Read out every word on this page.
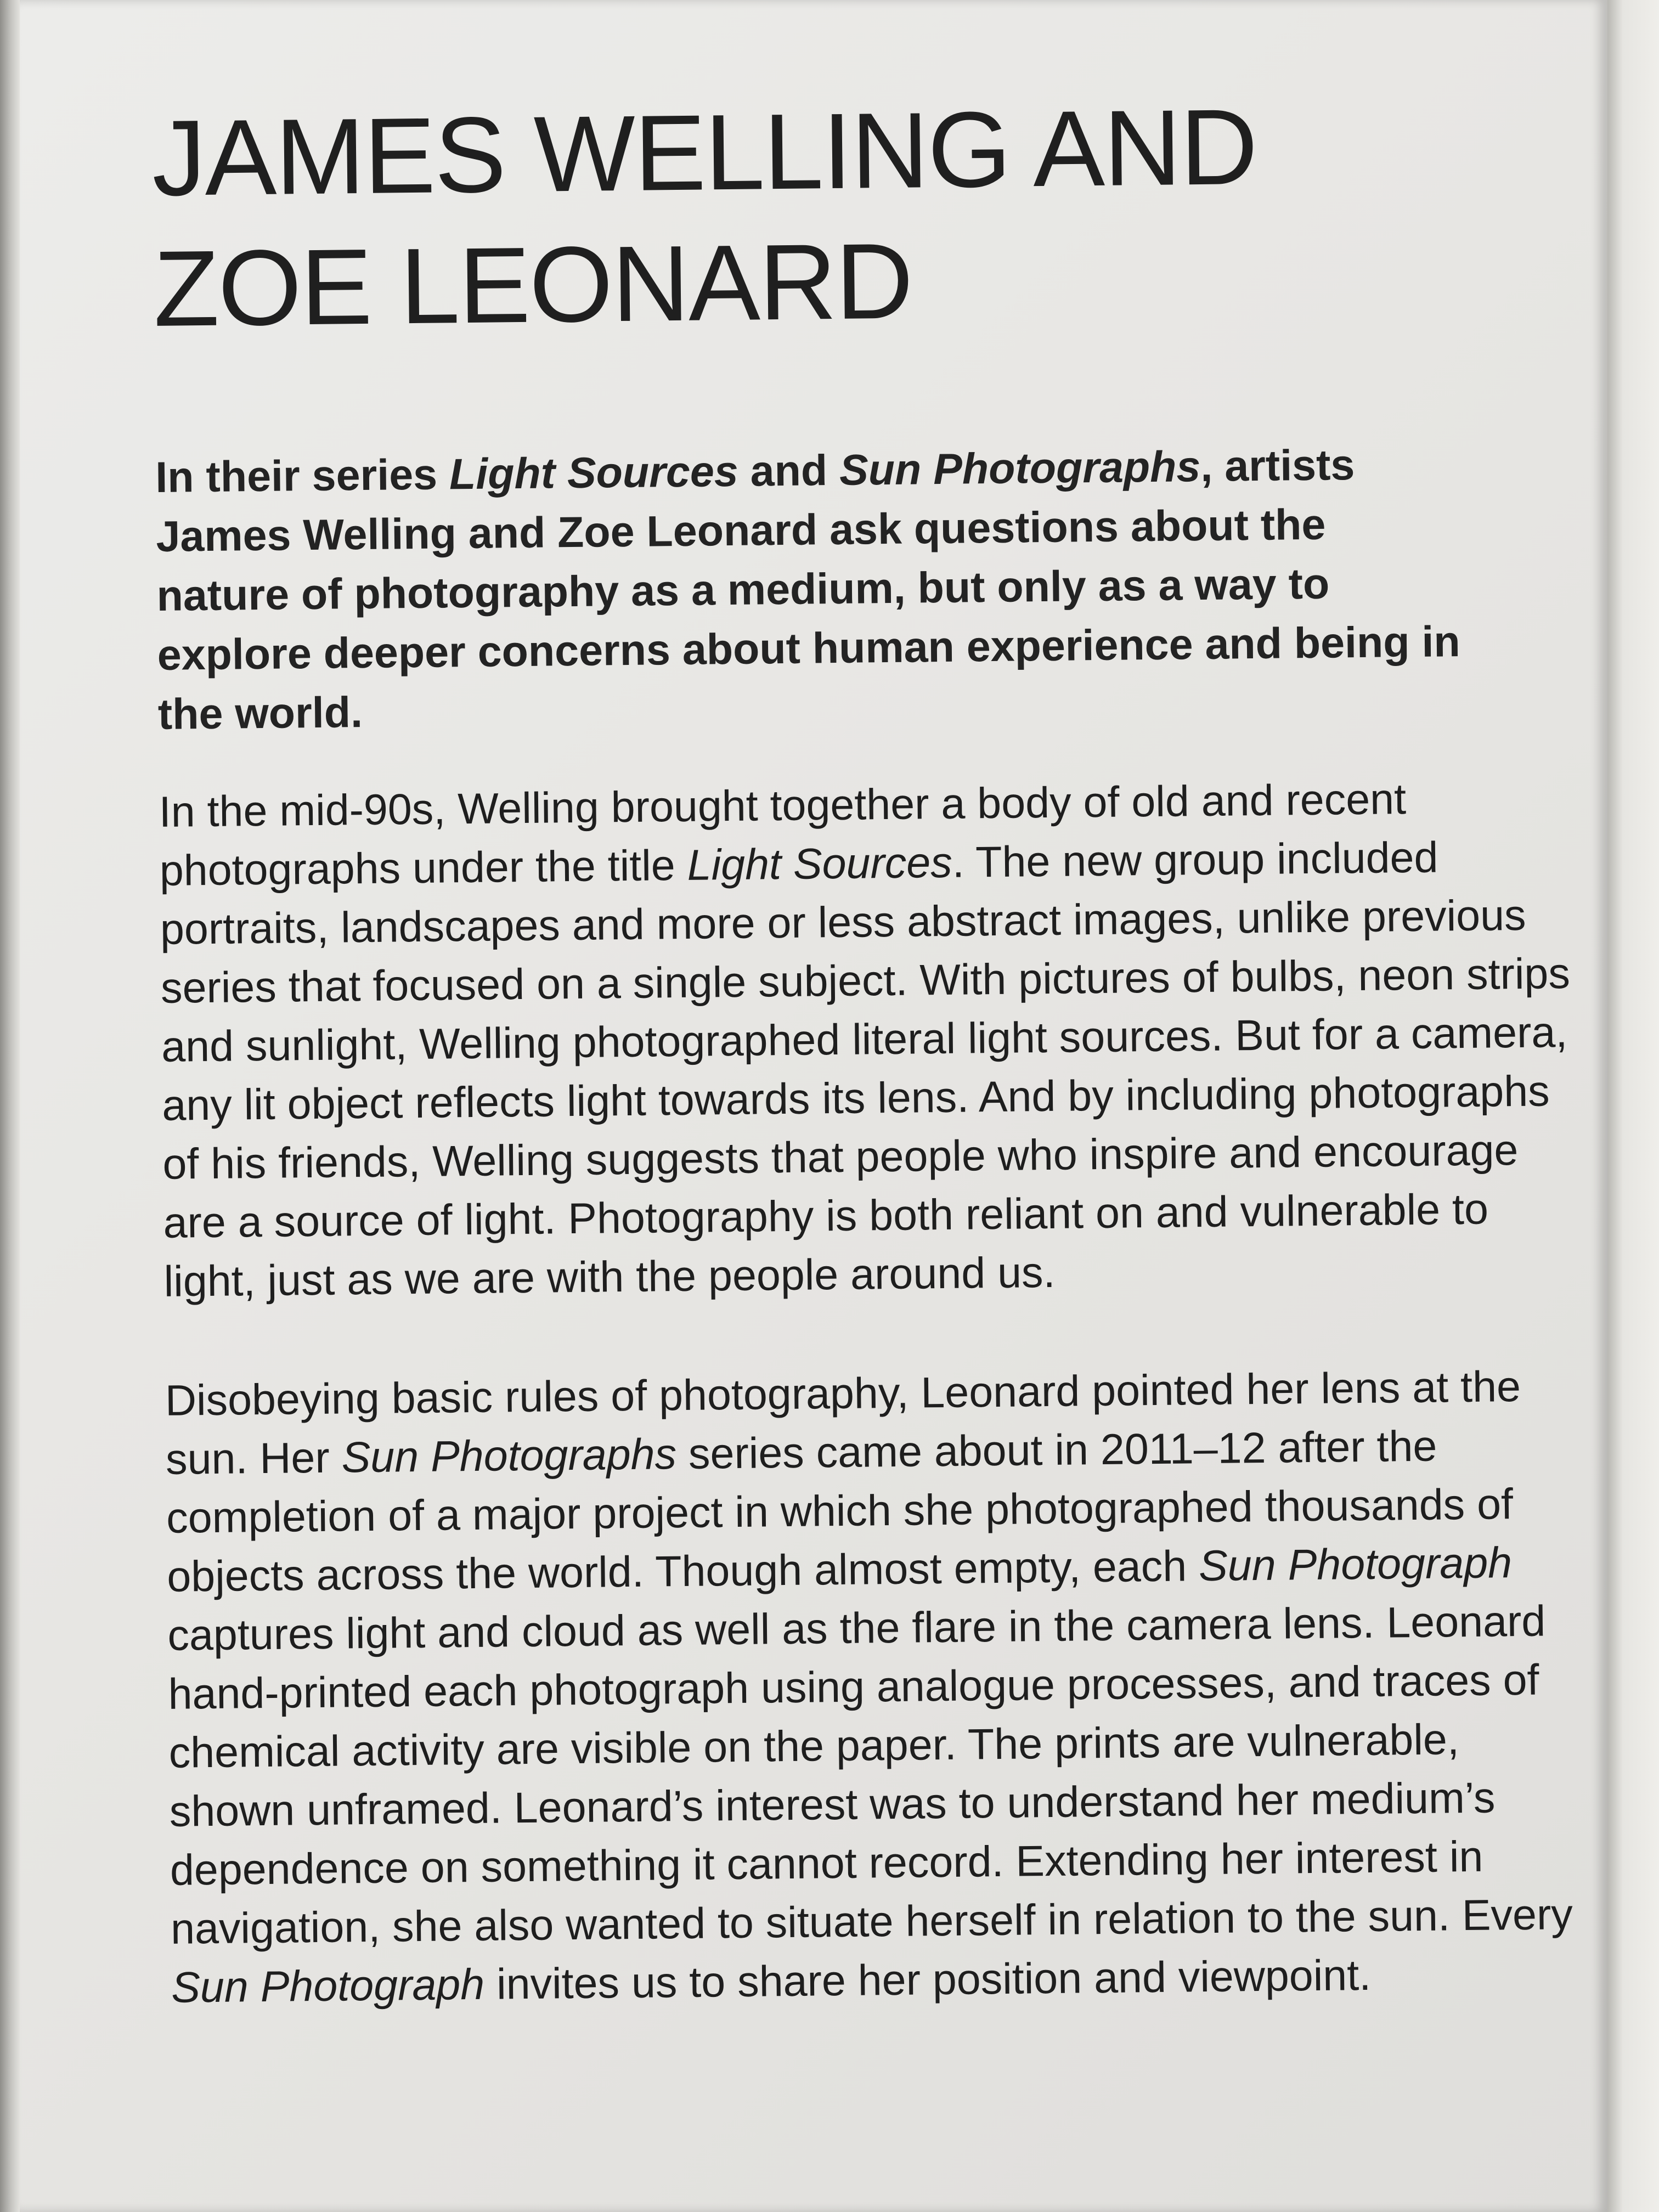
JAMES WELLING AND ZOE LEONARD

In their series Light Sources and Sun Photographs, artists James Welling and Zoe Leonard ask questions about the nature of photography as a medium, but only as a way to explore deeper concerns about human experience and being in the world.

In the mid-90s, Welling brought together a body of old and recent photographs under the title Light Sources. The new group included portraits, landscapes and more or less abstract images, unlike previous series that focused on a single subject. With pictures of bulbs, neon strips and sunlight, Welling photographed literal light sources. But for a camera, any lit object reflects light towards its lens. And by including photographs of his friends, Welling suggests that people who inspire and encourage are a source of light. Photography is both reliant on and vulnerable to light, just as we are with the people around us.

Disobeying basic rules of photography, Leonard pointed her lens at the sun. Her Sun Photographs series came about in 2011–12 after the completion of a major project in which she photographed thousands of objects across the world. Though almost empty, each Sun Photograph captures light and cloud as well as the flare in the camera lens. Leonard hand-printed each photograph using analogue processes, and traces of chemical activity are visible on the paper. The prints are vulnerable, shown unframed. Leonard’s interest was to understand her medium’s dependence on something it cannot record. Extending her interest in navigation, she also wanted to situate herself in relation to the sun. Every Sun Photograph invites us to share her position and viewpoint.
